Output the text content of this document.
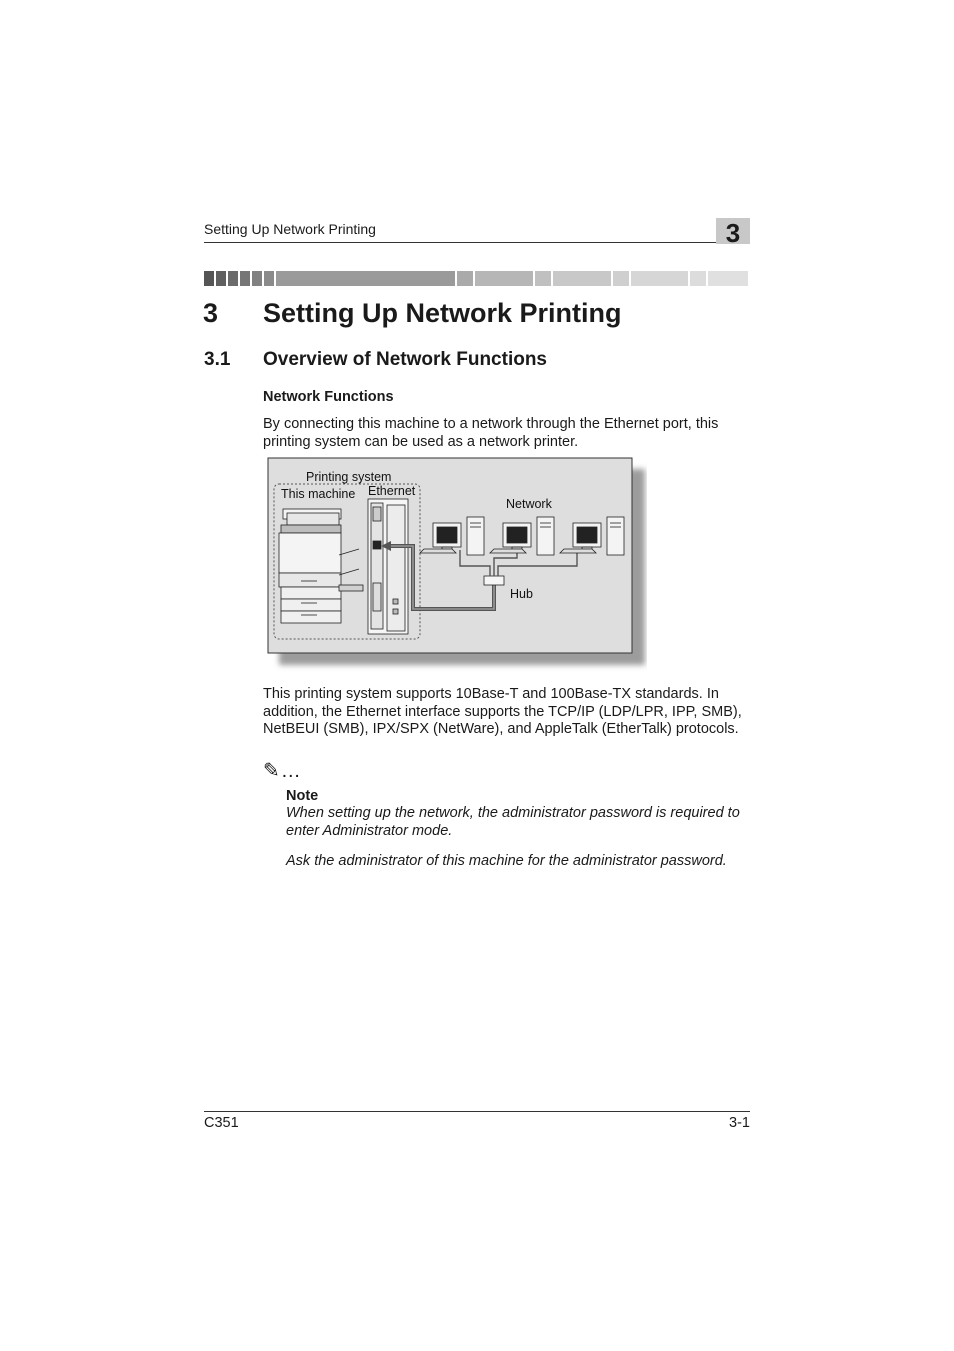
Setting Up Network Printing	3
3 Setting Up Network Printing
3.1 Overview of Network Functions
Network Functions
By connecting this machine to a network through the Ethernet port, this printing system can be used as a network printer.
Printing system
This machine Ethernet
Network
Hub
This printing system supports 10Base-T and 100Base-TX standards. In addition, the Ethernet interface supports the TCP/IP (LDP/LPR, IPP, SMB), NetBEUI (SMB), IPX/SPX (NetWare), and AppleTalk (EtherTalk) protocols.
✎…
Note
When setting up the network, the administrator password is required to enter Administrator mode.
Ask the administrator of this machine for the administrator password.
C351	3-1
